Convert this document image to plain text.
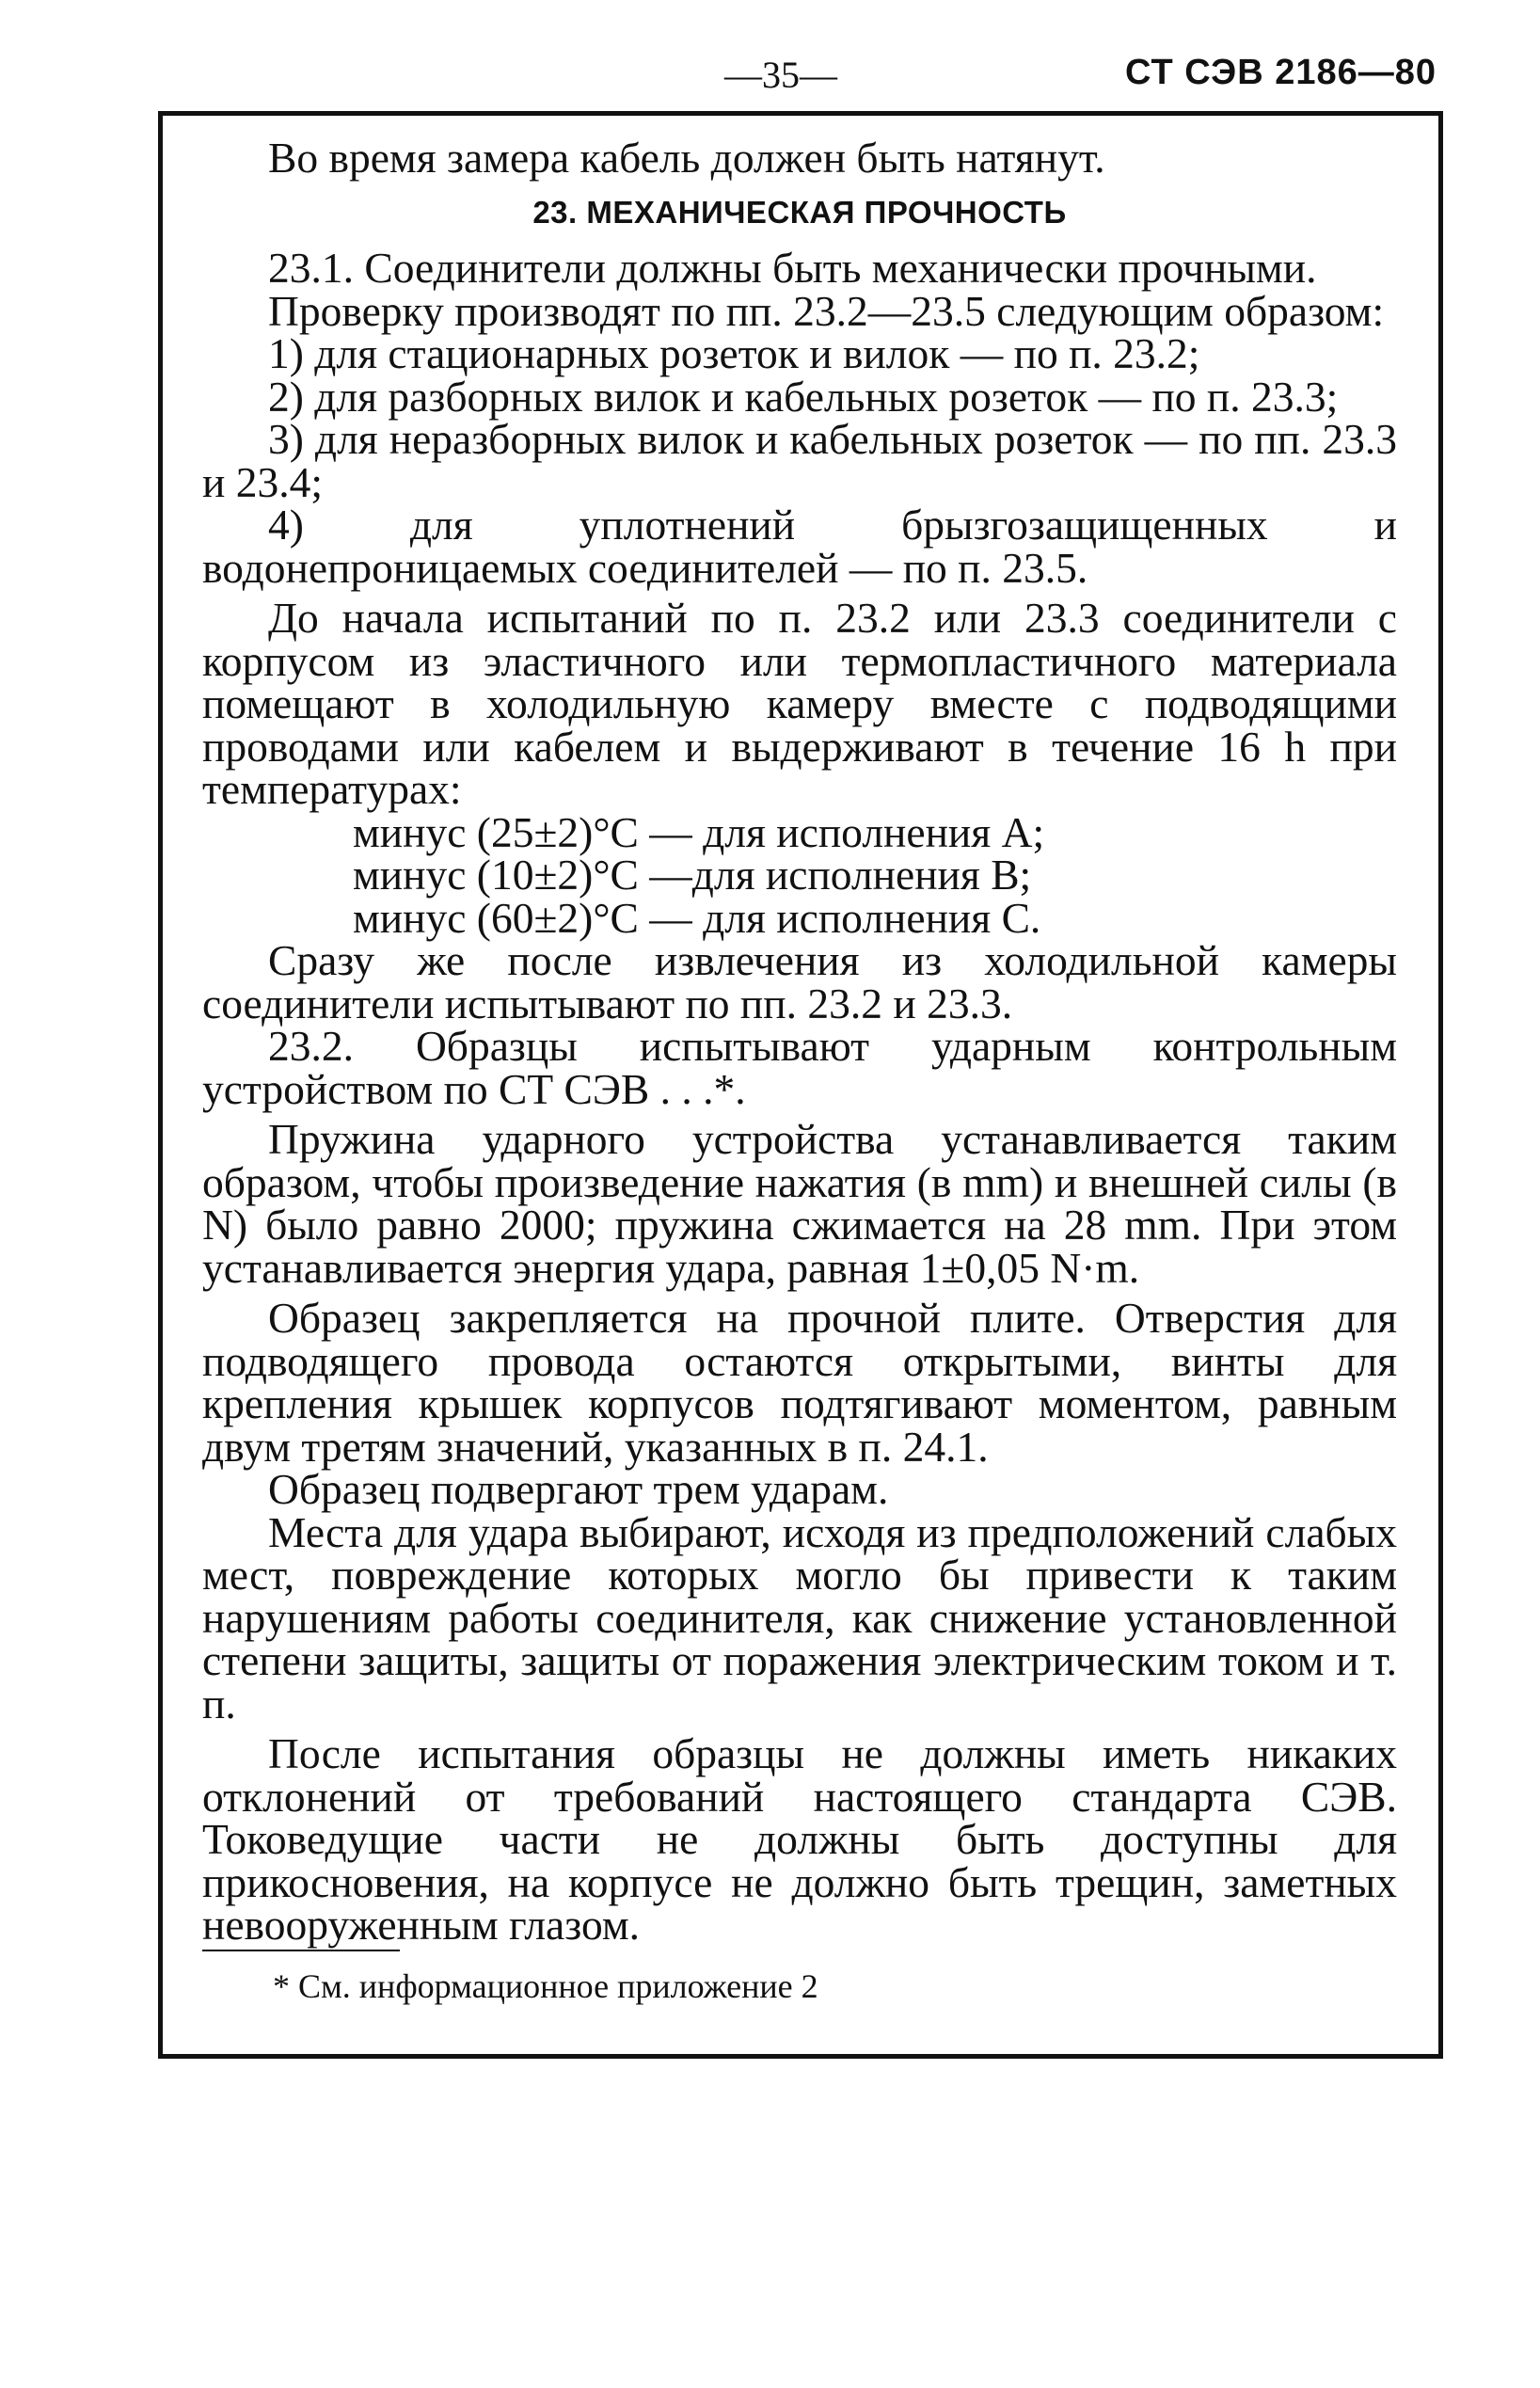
—35—	СТ СЭВ 2186—80

Во время замера кабель должен быть натянут.

23. МЕХАНИЧЕСКАЯ ПРОЧНОСТЬ

23.1. Соединители должны быть механически прочными.

Проверку производят по пп. 23.2—23.5 следующим образом:

1) для стационарных розеток и вилок — по п. 23.2;

2) для разборных вилок и кабельных розеток — по п. 23.3;

3) для неразборных вилок и кабельных розеток — по пп. 23.3 и 23.4;

4) для уплотнений брызгозащищенных и водонепроницаемых соединителей — по п. 23.5.

До начала испытаний по п. 23.2 или 23.3 соединители с корпусом из эластичного или термопластичного материала помещают в холодильную камеру вместе с подводящими проводами или кабелем и выдерживают в течение 16 h при температурах:

минус (25±2)°C — для исполнения A;

минус (10±2)°C —для исполнения B;

минус (60±2)°C — для исполнения C.

Сразу же после извлечения из холодильной камеры соединители испытывают по пп. 23.2 и 23.3.

23.2. Образцы испытывают ударным контрольным устройством по СТ СЭВ . . .*.

Пружина ударного устройства устанавливается таким образом, чтобы произведение нажатия (в mm) и внешней силы (в N) было равно 2000; пружина сжимается на 28 mm. При этом устанавливается энергия удара, равная 1±0,05 N·m.

Образец закрепляется на прочной плите. Отверстия для подводящего провода остаются открытыми, винты для крепления крышек корпусов подтягивают моментом, равным двум третям значений, указанных в п. 24.1.

Образец подвергают трем ударам.

Места для удара выбирают, исходя из предположений слабых мест, повреждение которых могло бы привести к таким нарушениям работы соединителя, как снижение установленной степени защиты, защиты от поражения электрическим током и т. п.

После испытания образцы не должны иметь никаких отклонений от требований настоящего стандарта СЭВ. Токоведущие части не должны быть доступны для прикосновения, на корпусе не должно быть трещин, заметных невооруженным глазом.

* См. информационное приложение 2
